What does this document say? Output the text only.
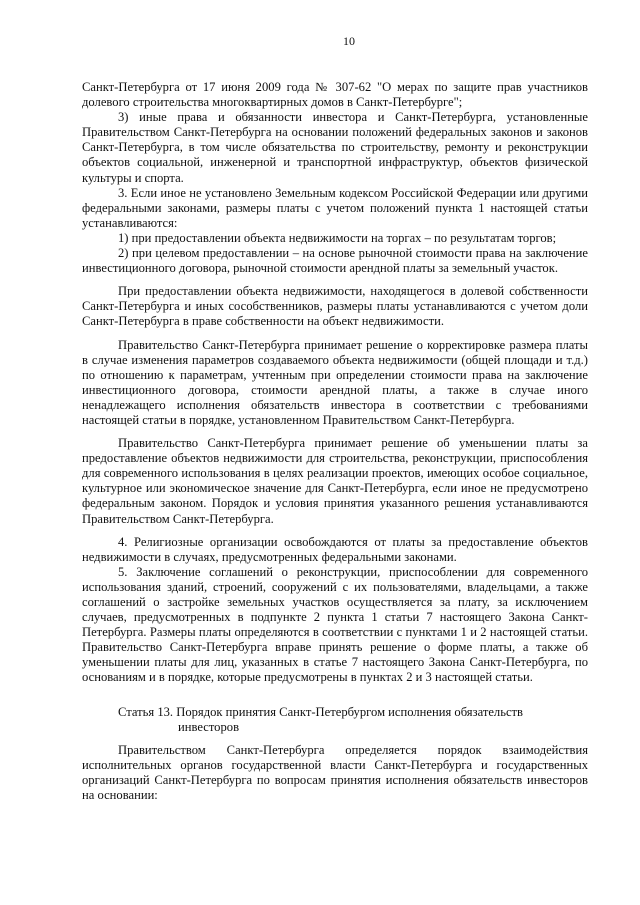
10

Санкт-Петербурга от 17 июня 2009 года № 307-62 "О мерах по защите прав участников долевого строительства многоквартирных домов в Санкт-Петербурге";

3) иные права и обязанности инвестора и Санкт-Петербурга, установленные Правительством Санкт-Петербурга на основании положений федеральных законов и законов Санкт-Петербурга, в том числе обязательства по строительству, ремонту и реконструкции объектов социальной, инженерной и транспортной инфраструктур, объектов физической культуры и спорта.

3. Если иное не установлено Земельным кодексом Российской Федерации или другими федеральными законами, размеры платы с учетом положений пункта 1 настоящей статьи устанавливаются:

1) при предоставлении объекта недвижимости на торгах – по результатам торгов;

2) при целевом предоставлении – на основе рыночной стоимости права на заключение инвестиционного договора, рыночной стоимости арендной платы за земельный участок.

При предоставлении объекта недвижимости, находящегося в долевой собственности Санкт-Петербурга и иных сособственников, размеры платы устанавливаются с учетом доли Санкт-Петербурга в праве собственности на объект недвижимости.

Правительство Санкт-Петербурга принимает решение о корректировке размера платы в случае изменения параметров создаваемого объекта недвижимости (общей площади и т.д.) по отношению к параметрам, учтенным при определении стоимости права на заключение инвестиционного договора, стоимости арендной платы, а также в случае иного ненадлежащего исполнения обязательств инвестора в соответствии с требованиями настоящей статьи в порядке, установленном Правительством Санкт-Петербурга.

Правительство Санкт-Петербурга принимает решение об уменьшении платы за предоставление объектов недвижимости для строительства, реконструкции, приспособления для современного использования в целях реализации проектов, имеющих особое социальное, культурное или экономическое значение для Санкт-Петербурга, если иное не предусмотрено федеральным законом. Порядок и условия принятия указанного решения устанавливаются Правительством Санкт-Петербурга.

4. Религиозные организации освобождаются от платы за предоставление объектов недвижимости в случаях, предусмотренных федеральными законами.

5. Заключение соглашений о реконструкции, приспособлении для современного использования зданий, строений, сооружений с их пользователями, владельцами, а также соглашений о застройке земельных участков осуществляется за плату, за исключением случаев, предусмотренных в подпункте 2 пункта 1 статьи 7 настоящего Закона Санкт-Петербурга. Размеры платы определяются в соответствии с пунктами 1 и 2 настоящей статьи. Правительство Санкт-Петербурга вправе принять решение о форме платы, а также об уменьшении платы для лиц, указанных в статье 7 настоящего Закона Санкт-Петербурга, по основаниям и в порядке, которые предусмотрены в пунктах 2 и 3 настоящей статьи.

Статья 13. Порядок принятия Санкт-Петербургом исполнения обязательств
инвесторов

Правительством Санкт-Петербурга определяется порядок взаимодействия исполнительных органов государственной власти Санкт-Петербурга и государственных организаций Санкт-Петербурга по вопросам принятия исполнения обязательств инвесторов на основании:
